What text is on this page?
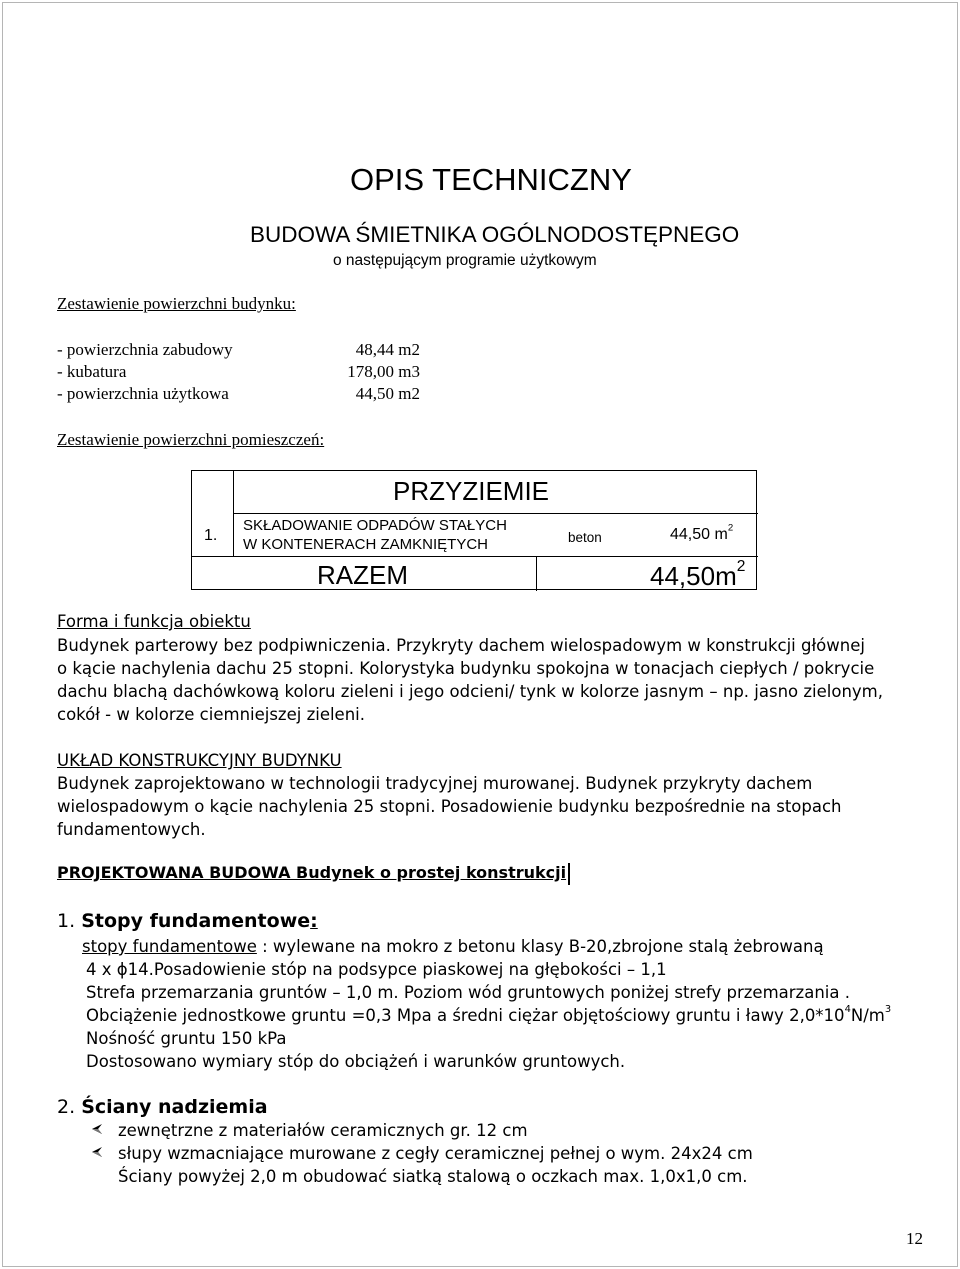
OPIS TECHNICZNY
BUDOWA ŚMIETNIKA OGÓLNODOSTĘPNEGO
o następującym programie użytkowym
Zestawienie powierzchni budynku:
- powierzchnia zabudowy	48,44 m2
- kubatura	178,00 m3
- powierzchnia użytkowa	44,50 m2
Zestawienie powierzchni pomieszczeń:
PRZYZIEMIE
1.
SKŁADOWANIE ODPADÓW STAŁYCH
W KONTENERACH ZAMKNIĘTYCH	beton	44,50 $m^2$
RAZEM	$44,50m^2$
Forma i funkcja obiektu
Budynek parterowy bez podpiwniczenia. Przykryty dachem wielospadowym w konstrukcji głównej
o kącie nachylenia dachu 25 stopni. Kolorystyka budynku spokojna w tonacjach ciepłych / pokrycie
dachu blachą dachówkową koloru zieleni i jego odcieni/ tynk w kolorze jasnym – np. jasno zielonym,
cokół - w kolorze ciemniejszej zieleni.
UKŁAD KONSTRUKCYJNY BUDYNKU
Budynek zaprojektowano w technologii tradycyjnej murowanej. Budynek przykryty dachem
wielospadowym o kącie nachylenia 25 stopni. Posadowienie budynku bezpośrednie na stopach
fundamentowych.
PROJEKTOWANA BUDOWA Budynek o prostej konstrukcji
1. Stopy fundamentowe:
stopy fundamentowe : wylewane na mokro z betonu klasy B-20,zbrojone stalą żebrowaną
4 x ϕ14.Posadowienie stóp na podsypce piaskowej na głębokości – 1,1
Strefa przemarzania gruntów – 1,0 m. Poziom wód gruntowych poniżej strefy przemarzania .
Obciążenie jednostkowe gruntu =0,3 Mpa a średni ciężar objętościowy gruntu i ławy $2,0*10^4N/m^3$
Nośność gruntu 150 kPa
Dostosowano wymiary stóp do obciążeń i warunków gruntowych.
2. Ściany nadziemia
zewnętrzne z materiałów ceramicznych gr. 12 cm
słupy wzmacniające murowane z cegły ceramicznej pełnej o wym. 24x24 cm
Ściany powyżej 2,0 m obudować siatką stalową o oczkach max. 1,0x1,0 cm.
12
